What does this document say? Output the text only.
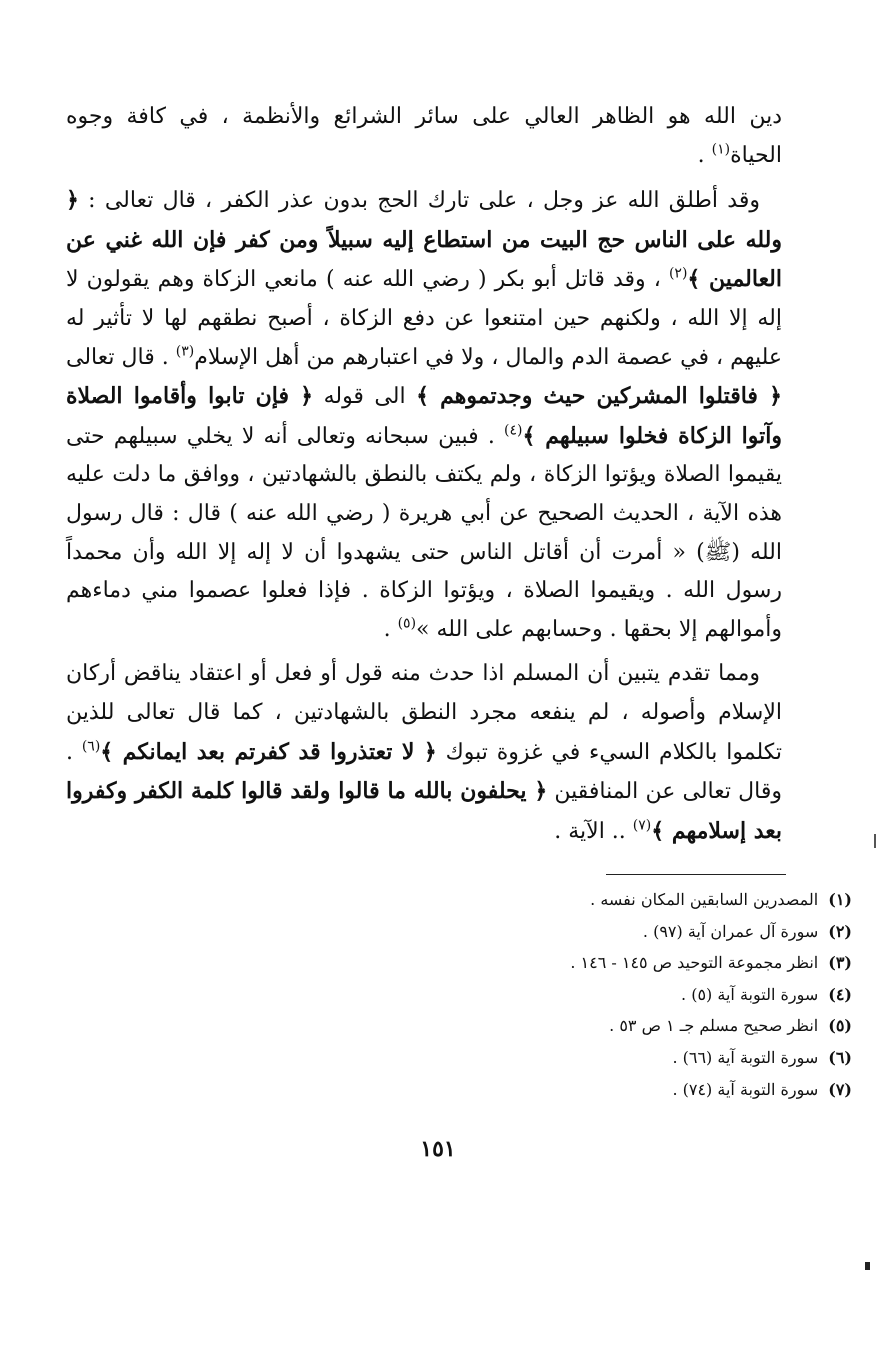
دين الله هو الظاهر العالي على سائر الشرائع والأنظمة ، في كافة وجوه الحياة$^{(١)}$ .

وقد أطلق الله عز وجل ، على تارك الحج بدون عذر الكفر ، قال تعالى : ﴿ ولله على الناس حج البيت من استطاع إليه سبيلاً ومن كفر فإن الله غني عن العالمين ﴾$^{(٢)}$ ، وقد قاتل أبو بكر ( رضي الله عنه ) مانعي الزكاة وهم يقولون لا إله إلا الله ، ولكنهم حين امتنعوا عن دفع الزكاة ، أصبح نطقهم لها لا تأثير له عليهم ، في عصمة الدم والمال ، ولا في اعتبارهم من أهل الإسلام$^{(٣)}$ . قال تعالى ﴿ فاقتلوا المشركين حيث وجدتموهم ﴾ الى قوله ﴿ فإن تابوا وأقاموا الصلاة وآتوا الزكاة فخلوا سبيلهم ﴾$^{(٤)}$ . فبين سبحانه وتعالى أنه لا يخلي سبيلهم حتى يقيموا الصلاة ويؤتوا الزكاة ، ولم يكتف بالنطق بالشهادتين ، ووافق ما دلت عليه هذه الآية ، الحديث الصحيح عن أبي هريرة ( رضي الله عنه ) قال : قال رسول الله (ﷺ) « أمرت أن أقاتل الناس حتى يشهدوا أن لا إله إلا الله وأن محمداً رسول الله . ويقيموا الصلاة ، ويؤتوا الزكاة . فإذا فعلوا عصموا مني دماءهم وأموالهم إلا بحقها . وحسابهم على الله »$^{(٥)}$ .

ومما تقدم يتبين أن المسلم اذا حدث منه قول أو فعل أو اعتقاد يناقض أركان الإسلام وأصوله ، لم ينفعه مجرد النطق بالشهادتين ، كما قال تعالى للذين تكلموا بالكلام السيء في غزوة تبوك ﴿ لا تعتذروا قد كفرتم بعد ايمانكم ﴾$^{(٦)}$ . وقال تعالى عن المنافقين ﴿ يحلفون بالله ما قالوا ولقد قالوا كلمة الكفر وكفروا بعد إسلامهم ﴾$^{(٧)}$ .. الآية .

(١)المصدرين السابقين المكان نفسه .
(٢)سورة آل عمران آية (٩٧) .
(٣)انظر مجموعة التوحيد ص ١٤٥ - ١٤٦ .
(٤)سورة التوبة آية (٥) .
(٥)انظر صحيح مسلم جـ ١ ص ٥٣ .
(٦)سورة التوبة آية (٦٦) .
(٧)سورة التوبة آية (٧٤) .
١٥١
